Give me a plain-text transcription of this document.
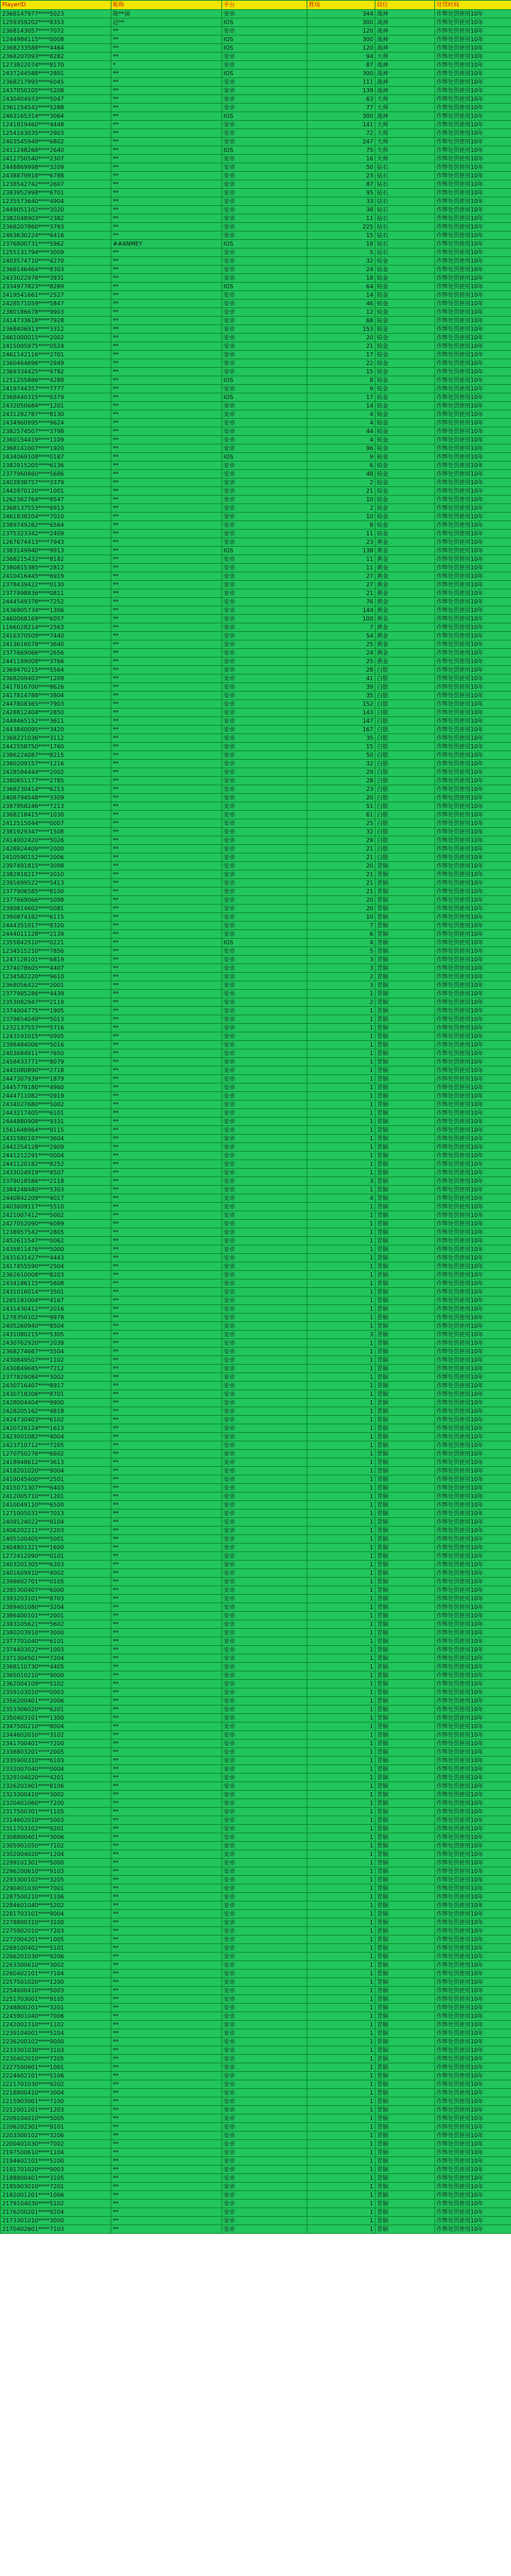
PlayerID	昵称	平台	胜场	段位	处罚时间
2368147977****5023	陈**洞	安卓	344	战神	作弊处罚使用10年
1259359202****8353	迈**	IOS	300	战神	作弊处罚使用10年
2368143057****7072	**	安卓	120	战神	作弊处罚使用10年
1244984115****0008	**	IOS	300	战神	作弊处罚使用10年
2368233588****4464	**	IOS	120	战神	作弊处罚使用10年
2368207093****8282	**	安卓	94	大师	作弊处罚使用10年
1273822074****8170	*	安卓	87	战神	作弊处罚使用10年
2437244588****2891	**	IOS	300	战神	作弊处罚使用10年
2368217995****6045	**	安卓	111	战神	作弊处罚使用10年
2437050105****5208	**	安卓	139	战神	作弊处罚使用10年
2430404933****5047	**	安卓	63	大师	作弊处罚使用10年
2361154542****5288	**	安卓	77	大师	作弊处罚使用10年
2463165314****3064	**	IOS	300	战神	作弊处罚使用10年
1241819460****4448	**	安卓	141	大师	作弊处罚使用10年
1254163035****2903	**	安卓	72	大师	作弊处罚使用10年
2403545949****6802	**	安卓	247	大师	作弊处罚使用10年
2411248268****2640	**	IOS	75	大师	作弊处罚使用10年
2412750540****2307	**	安卓	16	大师	作弊处罚使用10年
2448869998****3209	**	安卓	50	钻石	作弊处罚使用10年
2438879918****6788	**	安卓	23	钻石	作弊处罚使用10年
1238542742****2607	**	安卓	87	钻石	作弊处罚使用10年
2383952998****6701	**	安卓	95	钻石	作弊处罚使用10年
1235573640****4904	**	安卓	33	钻石	作弊处罚使用10年
2449051102****3020	**	安卓	38	钻石	作弊处罚使用10年
2382048903****2382	**	安卓	11	钻石	作弊处罚使用10年
2368207860****3793	**	安卓	225	钻石	作弊处罚使用10年
2463630224****6416	**	安卓	15	钻石	作弊处罚使用10年
2376800731****5962	##ANMEY	IOS	18	钻石	作弊处罚使用10年
1255131794****3009	**	安卓	5	钻石	作弊处罚使用10年
2403574710****4270	**	安卓	32	铂金	作弊处罚使用10年
2368146464****8303	**	安卓	24	铂金	作弊处罚使用10年
2433022978****3931	**	安卓	18	铂金	作弊处罚使用10年
2334977823****8289	**	IOS	64	铂金	作弊处罚使用10年
2419541661****2527	**	安卓	14	铂金	作弊处罚使用10年
2428571059****5847	**	安卓	46	铂金	作弊处罚使用10年
2380186678****9903	**	安卓	12	铂金	作弊处罚使用10年
2414733618****7928	**	安卓	68	铂金	作弊处罚使用10年
2368406913****3312	**	安卓	153	铂金	作弊处罚使用10年
2461000015****2002	**	安卓	20	铂金	作弊处罚使用10年
2415005975****0524	**	安卓	21	铂金	作弊处罚使用10年
2461142116****2701	**	安卓	17	铂金	作弊处罚使用10年
2360464696****2949	**	安卓	22	铂金	作弊处罚使用10年
2369334425****9792	**	安卓	15	铂金	作弊处罚使用10年
1251255886****4289	**	IOS	8	铂金	作弊处罚使用10年
2419744357****7777	**	安卓	9	铂金	作弊处罚使用10年
2368440315****0379	**	IOS	17	铂金	作弊处罚使用10年
2432050684****1201	**	安卓	14	铂金	作弊处罚使用10年
2431282787****8130	**	安卓	4	铂金	作弊处罚使用10年
2434960995****9624	**	安卓	4	铂金	作弊处罚使用10年
2382574507****3798	**	安卓	44	铂金	作弊处罚使用10年
2360154419****1109	**	安卓	4	铂金	作弊处罚使用10年
2368141007****1920	**	安卓	96	铂金	作弊处罚使用10年
2434069108****0187	**	IOS	9	铂金	作弊处罚使用10年
2382915205****6136	**	安卓	6	铂金	作弊处罚使用10年
2377960860****5686	**	安卓	48	铂金	作弊处罚使用10年
2403938757****3379	**	安卓	2	铂金	作弊处罚使用10年
2442970120****1001	**	安卓	21	铂金	作弊处罚使用10年
1262362764****8547	**	安卓	10	铂金	作弊处罚使用10年
2368137553****6913	**	安卓	2	铂金	作弊处罚使用10年
2461838204****7010	**	安卓	10	铂金	作弊处罚使用10年
2389749262****6564	**	安卓	8	铂金	作弊处罚使用10年
2375323342****2409	**	安卓	11	铂金	作弊处罚使用10年
1267674413****7943	**	安卓	23	黄金	作弊处罚使用10年
2383149940****9913	**	IOS	138	黄金	作弊处罚使用10年
2368215432****8182	**	安卓	11	黄金	作弊处罚使用10年
2380815385****2812	**	安卓	11	黄金	作弊处罚使用10年
2410416445****6919	**	安卓	27	黄金	作弊处罚使用10年
2378439422****0130	**	安卓	27	黄金	作弊处罚使用10年
2377998836****0811	**	安卓	21	黄金	作弊处罚使用10年
2444549378****7252	**	安卓	76	黄金	作弊处罚使用10年
2436905734****1306	**	安卓	144	黄金	作弊处罚使用10年
2460068169****6057	**	安卓	100	黄金	作弊处罚使用10年
1166028214****2563	**	安卓	7	黄金	作弊处罚使用10年
2416370509****7440	**	安卓	54	黄金	作弊处罚使用10年
2413616078****3640	**	安卓	25	黄金	作弊处罚使用10年
2377669066****2656	**	安卓	24	黄金	作弊处罚使用10年
2441199008****3766	**	安卓	25	黄金	作弊处罚使用10年
2369470215****5564	**	安卓	28	白银	作弊处罚使用10年
2368209403****1209	**	安卓	41	白银	作弊处罚使用10年
2417816700****8626	**	安卓	39	白银	作弊处罚使用10年
2417814788****3804	**	安卓	35	白银	作弊处罚使用10年
2447808365****7903	**	安卓	152	白银	作弊处罚使用10年
2428812404****2850	**	安卓	143	白银	作弊处罚使用10年
2448465152****3611	**	安卓	147	白银	作弊处罚使用10年
2443840095****3420	**	安卓	167	白银	作弊处罚使用10年
2368221036****3112	**	安卓	35	白银	作弊处罚使用10年
2442558750****1760	**	安卓	15	白银	作弊处罚使用10年
2386224087****8215	**	安卓	50	白银	作弊处罚使用10年
2380209157****1216	**	安卓	32	白银	作弊处罚使用10年
2428584444****2002	**	安卓	29	白银	作弊处罚使用10年
2380851177****2785	**	安卓	28	白银	作弊处罚使用10年
2368230414****6213	**	安卓	23	白银	作弊处罚使用10年
2408794548****3309	**	安卓	20	白银	作弊处罚使用10年
2387958246****7213	**	安卓	51	白银	作弊处罚使用10年
2368218415****1030	**	安卓	61	白银	作弊处罚使用10年
2412515044****0007	**	安卓	25	白银	作弊处罚使用10年
2381929347****1508	**	安卓	32	白银	作弊处罚使用10年
2414002420****5026	**	安卓	29	白银	作弊处罚使用10年
2428824409****2000	**	安卓	21	白银	作弊处罚使用10年
2410590152****2006	**	安卓	21	白银	作弊处罚使用10年
2397491815****3098	**	安卓	20	青铜	作弊处罚使用10年
2382918217****2010	**	安卓	21	青铜	作弊处罚使用10年
2391699522****5413	**	安卓	21	青铜	作弊处罚使用10年
2377906585****8100	**	安卓	21	青铜	作弊处罚使用10年
2377669066****5098	**	安卓	20	青铜	作弊处罚使用10年
2390814602****0081	**	安卓	20	青铜	作弊处罚使用10年
2390874182****6115	**	安卓	10	青铜	作弊处罚使用10年
2444351017****8320	**	安卓	7	青铜	作弊处罚使用10年
2444011128****2139	**	安卓	6	青铜	作弊处罚使用10年
2355842510****0221	**	IOS	4	青铜	作弊处罚使用10年
1234515210****7856	**	安卓	5	青铜	作弊处罚使用10年
1247128101****6819	**	安卓	3	青铜	作弊处罚使用10年
2374078605****4407	**	安卓	3	青铜	作弊处罚使用10年
1234582220****9610	**	安卓	2	青铜	作弊处罚使用10年
2368056422****2001	**	安卓	3	青铜	作弊处罚使用10年
2377985286****4439	**	安卓	1	青铜	作弊处罚使用10年
2353082947****2119	**	安卓	2	青铜	作弊处罚使用10年
2374004775****1905	**	安卓	1	青铜	作弊处罚使用10年
2379654049****5013	**	安卓	1	青铜	作弊处罚使用10年
1232137557****5716	**	安卓	1	青铜	作弊处罚使用10年
1243191015****0905	**	安卓	1	青铜	作弊处罚使用10年
2398484006****5016	**	安卓	1	青铜	作弊处罚使用10年
2403684911****7650	**	安卓	1	青铜	作弊处罚使用10年
2458433771****8079	**	安卓	1	青铜	作弊处罚使用10年
2445080890****2718	**	安卓	1	青铜	作弊处罚使用10年
2447307939****1879	**	安卓	1	青铜	作弊处罚使用10年
2445779180****4960	**	安卓	1	青铜	作弊处罚使用10年
2444711082****0919	**	安卓	1	青铜	作弊处罚使用10年
2434027680****5002	**	安卓	1	青铜	作弊处罚使用10年
2443217405****6101	**	安卓	1	青铜	作弊处罚使用10年
2444880908****9331	**	安卓	1	青铜	作弊处罚使用10年
1561648964****9115	**	安卓	1	青铜	作弊处罚使用10年
2431580197****3604	**	安卓	1	青铜	作弊处罚使用10年
2442254128****2909	**	安卓	1	青铜	作弊处罚使用10年
2441212291****0004	**	安卓	1	青铜	作弊处罚使用10年
2441120182****8252	**	安卓	1	青铜	作弊处罚使用10年
2433024919****8507	**	安卓	1	青铜	作弊处罚使用10年
2379018586****2118	**	安卓	3	青铜	作弊处罚使用10年
2384248480****5303	**	安卓	1	青铜	作弊处罚使用10年
2440842209****4017	**	安卓	4	青铜	作弊处罚使用10年
2403609117****5510	**	安卓	1	青铜	作弊处罚使用10年
2421007412****5002	**	安卓	1	青铜	作弊处罚使用10年
2427052090****6089	**	安卓	1	青铜	作弊处罚使用10年
1238957542****2805	**	安卓	1	青铜	作弊处罚使用10年
2452611547****0062	**	安卓	1	青铜	作弊处罚使用10年
2435811476****5000	**	安卓	1	青铜	作弊处罚使用10年
2431631427****4443	**	安卓	1	青铜	作弊处罚使用10年
2417455590****2504	**	安卓	1	青铜	作弊处罚使用10年
2362610008****8203	**	安卓	1	青铜	作弊处罚使用10年
2434186115****5608	**	安卓	1	青铜	作弊处罚使用10年
2431016014****3501	**	安卓	1	青铜	作弊处罚使用10年
1265181004****4167	**	安卓	1	青铜	作弊处罚使用10年
2431430412****2016	**	安卓	1	青铜	作弊处罚使用10年
1278350102****9978	**	安卓	1	青铜	作弊处罚使用10年
2405260940****8504	**	安卓	1	青铜	作弊处罚使用10年
2431080215****5305	**	安卓	3	青铜	作弊处罚使用10年
2430762920****2039	**	安卓	1	青铜	作弊处罚使用10年
2368274667****5504	**	安卓	1	青铜	作弊处罚使用10年
2430849507****1102	**	安卓	1	青铜	作弊处罚使用10年
2430849685****7212	**	安卓	1	青铜	作弊处罚使用10年
2377829084****3002	**	安卓	1	青铜	作弊处罚使用10年
2430716407****8917	**	安卓	1	青铜	作弊处罚使用10年
2430718206****8701	**	安卓	1	青铜	作弊处罚使用10年
2428004404****9900	**	安卓	1	青铜	作弊处罚使用10年
2428205162****4818	**	安卓	1	青铜	作弊处罚使用10年
2424730403****6102	**	安卓	1	青铜	作弊处罚使用10年
2420726124****1613	**	安卓	1	青铜	作弊处罚使用10年
2423001082****4004	**	安卓	1	青铜	作弊处罚使用10年
2423710712****7205	**	安卓	1	青铜	作弊处罚使用10年
1270750276****6602	**	安卓	1	青铜	作弊处罚使用10年
2418948612****3613	**	安卓	1	青铜	作弊处罚使用10年
2418201020****9004	**	安卓	1	青铜	作弊处罚使用10年
2419045400****2501	**	安卓	1	青铜	作弊处罚使用10年
2415071307****6403	**	安卓	1	青铜	作弊处罚使用10年
2412005710****1201	**	安卓	1	青铜	作弊处罚使用10年
2410049110****6500	**	安卓	1	青铜	作弊处罚使用10年
1271005031****7013	**	安卓	1	青铜	作弊处罚使用10年
2409124022****8104	**	安卓	1	青铜	作弊处罚使用10年
2406202211****2203	**	安卓	1	青铜	作弊处罚使用10年
2405100405****5001	**	安卓	1	青铜	作弊处罚使用10年
2404801321****1600	**	安卓	1	青铜	作弊处罚使用10年
1272412090****0101	**	安卓	1	青铜	作弊处罚使用10年
2403201305****6303	**	安卓	1	青铜	作弊处罚使用10年
2401609910****4002	**	安卓	1	青铜	作弊处罚使用10年
2398602701****0105	**	安卓	1	青铜	作弊处罚使用10年
2395300407****6000	**	安卓	1	青铜	作弊处罚使用10年
2393203101****8703	**	安卓	1	青铜	作弊处罚使用10年
2389401080****3204	**	安卓	1	青铜	作弊处罚使用10年
2386400101****2001	**	安卓	1	青铜	作弊处罚使用10年
2383105621****5602	**	安卓	1	青铜	作弊处罚使用10年
2380203910****3000	**	安卓	1	青铜	作弊处罚使用10年
2377701040****6101	**	安卓	1	青铜	作弊处罚使用10年
2374403022****1003	**	安卓	1	青铜	作弊处罚使用10年
2371304501****7204	**	安卓	1	青铜	作弊处罚使用10年
2368110730****4405	**	安卓	1	青铜	作弊处罚使用10年
2365010210****9000	**	安卓	1	青铜	作弊处罚使用10年
2362004109****5102	**	安卓	1	青铜	作弊处罚使用10年
2359103010****0003	**	安卓	1	青铜	作弊处罚使用10年
2356200401****2006	**	安卓	1	青铜	作弊处罚使用10年
2353306020****6201	**	安卓	1	青铜	作弊处罚使用10年
2350403101****1300	**	安卓	1	青铜	作弊处罚使用10年
2347500210****8004	**	安卓	1	青铜	作弊处罚使用10年
2344602010****3102	**	安卓	1	青铜	作弊处罚使用10年
2341700401****7200	**	安卓	1	青铜	作弊处罚使用10年
2338803201****2005	**	安卓	1	青铜	作弊处罚使用10年
2335900310****6103	**	安卓	1	青铜	作弊处罚使用10年
2332007040****0004	**	安卓	1	青铜	作弊处罚使用10年
2329104020****4201	**	安卓	1	青铜	作弊处罚使用10年
2326201901****8106	**	安卓	1	青铜	作弊处罚使用10年
2323300410****3002	**	安卓	1	青铜	作弊处罚使用10年
2320401060****7200	**	安卓	1	青铜	作弊处罚使用10年
2317500301****1105	**	安卓	1	青铜	作弊处罚使用10年
2314602010****5003	**	安卓	1	青铜	作弊处罚使用10年
2311703102****9201	**	安卓	1	青铜	作弊处罚使用10年
2308800401****3006	**	安卓	1	青铜	作弊处罚使用10年
2305901050****7102	**	安卓	1	青铜	作弊处罚使用10年
2302004020****1204	**	安卓	1	青铜	作弊处罚使用10年
2299101301****5000	**	安卓	1	青铜	作弊处罚使用10年
2296200610****9103	**	安卓	1	青铜	作弊处罚使用10年
2293300102****3205	**	安卓	1	青铜	作弊处罚使用10年
2290401030****7001	**	安卓	1	青铜	作弊处罚使用10年
2287500210****1106	**	安卓	1	青铜	作弊处罚使用10年
2284601040****5202	**	安卓	1	青铜	作弊处罚使用10年
2281703101****9004	**	安卓	1	青铜	作弊处罚使用10年
2278800310****3100	**	安卓	1	青铜	作弊处罚使用10年
2275902010****7203	**	安卓	1	青铜	作弊处罚使用10年
2272004201****1005	**	安卓	1	青铜	作弊处罚使用10年
2269100402****5101	**	安卓	1	青铜	作弊处罚使用10年
2266201030****9206	**	安卓	1	青铜	作弊处罚使用10年
2263300610****3002	**	安卓	1	青铜	作弊处罚使用10年
2260402101****7104	**	安卓	1	青铜	作弊处罚使用10年
2257501020****1200	**	安卓	1	青铜	作弊处罚使用10年
2254600410****5003	**	安卓	1	青铜	作弊处罚使用10年
2251703001****9105	**	安卓	1	青铜	作弊处罚使用10年
2248800201****3201	**	安卓	1	青铜	作弊处罚使用10年
2245901040****7006	**	安卓	1	青铜	作弊处罚使用10年
2242002310****1102	**	安卓	1	青铜	作弊处罚使用10年
2239104001****5204	**	安卓	1	青铜	作弊处罚使用10年
2236200102****9000	**	安卓	1	青铜	作弊处罚使用10年
2233301030****3103	**	安卓	1	青铜	作弊处罚使用10年
2230402010****7205	**	安卓	1	青铜	作弊处罚使用10年
2227500601****1001	**	安卓	1	青铜	作弊处罚使用10年
2224602101****5106	**	安卓	1	青铜	作弊处罚使用10年
2221701030****9202	**	安卓	1	青铜	作弊处罚使用10年
2218800410****3004	**	安卓	1	青铜	作弊处罚使用10年
2215903001****7100	**	安卓	1	青铜	作弊处罚使用10年
2212001201****1203	**	安卓	1	青铜	作弊处罚使用10年
2209104010****5005	**	安卓	1	青铜	作弊处罚使用10年
2206202301****9101	**	安卓	1	青铜	作弊处罚使用10年
2203300102****3206	**	安卓	1	青铜	作弊处罚使用10年
2200401030****7002	**	安卓	1	青铜	作弊处罚使用10年
2197500610****1104	**	安卓	1	青铜	作弊处罚使用10年
2194602101****5200	**	安卓	1	青铜	作弊处罚使用10年
2191701020****9003	**	安卓	1	青铜	作弊处罚使用10年
2188800401****3105	**	安卓	1	青铜	作弊处罚使用10年
2185903010****7201	**	安卓	1	青铜	作弊处罚使用10年
2182001201****1006	**	安卓	1	青铜	作弊处罚使用10年
2179104030****5102	**	安卓	1	青铜	作弊处罚使用10年
2176200201****9204	**	安卓	1	青铜	作弊处罚使用10年
2173301010****3000	**	安卓	1	青铜	作弊处罚使用10年
2170402601****7103	**	安卓	1	青铜	作弊处罚使用10年
